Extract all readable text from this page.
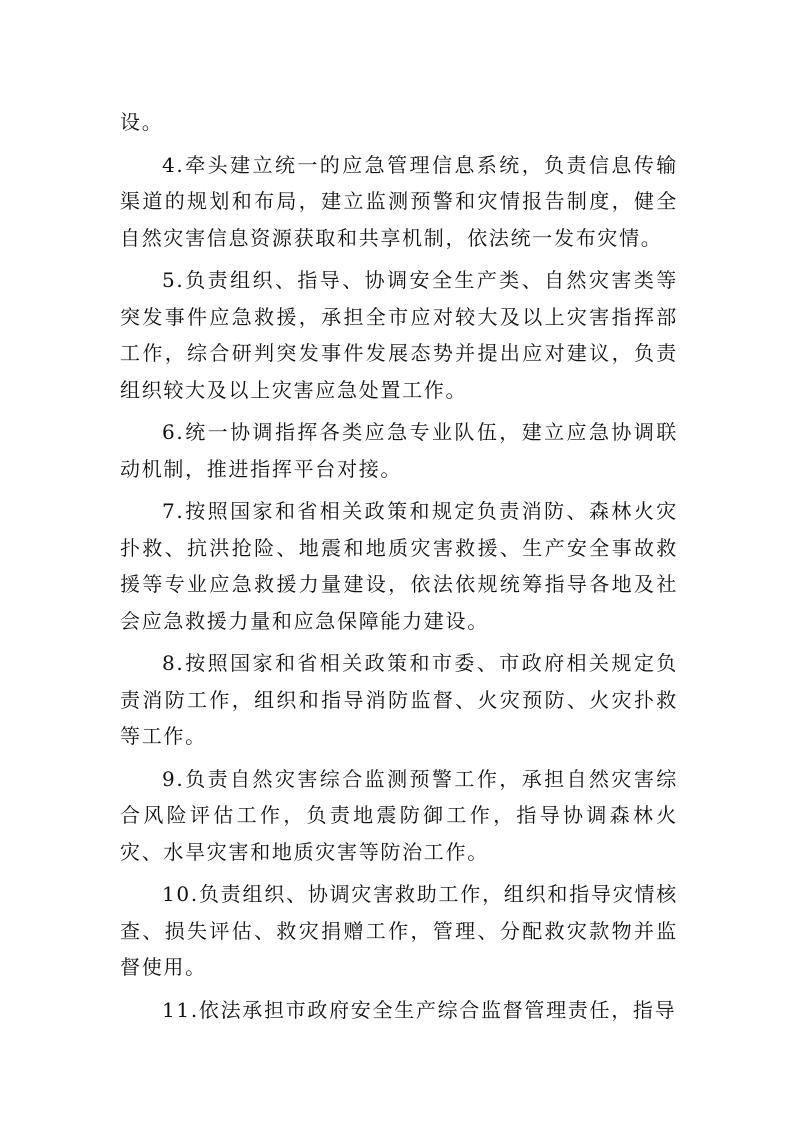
设。

4.牵头建立统一的应急管理信息系统，负责信息传输渠道的规划和布局，建立监测预警和灾情报告制度，健全自然灾害信息资源获取和共享机制，依法统一发布灾情。

5.负责组织、指导、协调安全生产类、自然灾害类等突发事件应急救援，承担全市应对较大及以上灾害指挥部工作，综合研判突发事件发展态势并提出应对建议，负责组织较大及以上灾害应急处置工作。

6.统一协调指挥各类应急专业队伍，建立应急协调联动机制，推进指挥平台对接。

7.按照国家和省相关政策和规定负责消防、森林火灾扑救、抗洪抢险、地震和地质灾害救援、生产安全事故救援等专业应急救援力量建设，依法依规统筹指导各地及社会应急救援力量和应急保障能力建设。

8.按照国家和省相关政策和市委、市政府相关规定负责消防工作，组织和指导消防监督、火灾预防、火灾扑救等工作。

9.负责自然灾害综合监测预警工作，承担自然灾害综合风险评估工作，负责地震防御工作，指导协调森林火灾、水旱灾害和地质灾害等防治工作。

10.负责组织、协调灾害救助工作，组织和指导灾情核查、损失评估、救灾捐赠工作，管理、分配救灾款物并监督使用。

11.依法承担市政府安全生产综合监督管理责任，指导
